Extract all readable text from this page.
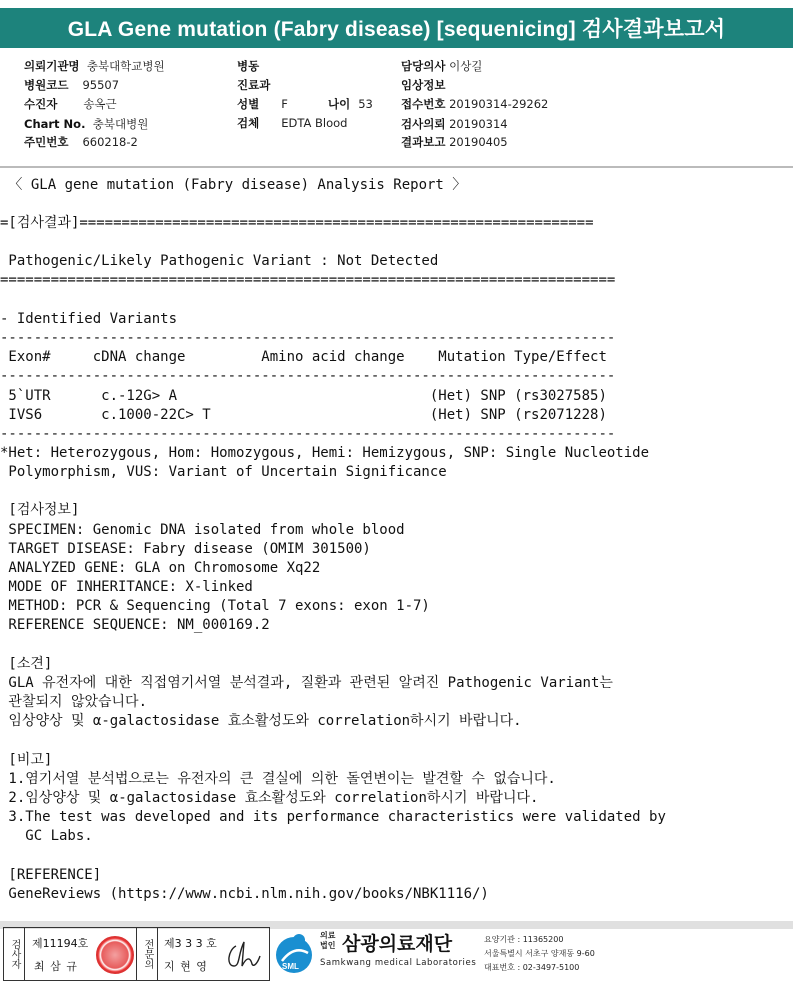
GLA Gene mutation (Fabry disease) [sequenicing] 검사결과보고서
의뢰기관명 충북대학교병원
병원코드 95507
수진자 송옥근
Chart No. 충북대병원
주민번호 660218-2
병동
진료과
성별 F	나이 53
검체 EDTA Blood
담당의사 이상길
임상정보
접수번호 20190314-29262
검사의뢰 20190314
결과보고 20190405
〈 GLA gene mutation (Fabry disease) Analysis Report 〉
=[검사결과]=============================================================
Pathogenic/Likely Pathogenic Variant : Not Detected
=========================================================================
- Identified Variants
-------------------------------------------------------------------------
Exon#     cDNA change         Amino acid change    Mutation Type/Effect
-------------------------------------------------------------------------
5`UTR      c.-12G> A                              (Het) SNP (rs3027585)
IVS6       c.1000-22C> T                          (Het) SNP (rs2071228)
-------------------------------------------------------------------------
*Het: Heterozygous, Hom: Homozygous, Hemi: Hemizygous, SNP: Single Nucleotide
Polymorphism, VUS: Variant of Uncertain Significance
[검사정보]
SPECIMEN: Genomic DNA isolated from whole blood
TARGET DISEASE: Fabry disease (OMIM 301500)
ANALYZED GENE: GLA on Chromosome Xq22
MODE OF INHERITANCE: X-linked
METHOD: PCR & Sequencing (Total 7 exons: exon 1-7)
REFERENCE SEQUENCE: NM_000169.2
[소견]
GLA 유전자에 대한 직접염기서열 분석결과, 질환과 관련된 알려진 Pathogenic Variant는
관찰되지 않았습니다.
임상양상 및 α-galactosidase 효소활성도와 correlation하시기 바랍니다.
[비고]
1.염기서열 분석법으로는 유전자의 큰 결실에 의한 돌연변이는 발견할 수 없습니다.
2.임상양상 및 α-galactosidase 효소활성도와 correlation하시기 바랍니다.
3.The test was developed and its performance characteristics were validated by
GC Labs.
[REFERENCE]
GeneReviews (https://www.ncbi.nlm.nih.gov/books/NBK1116/)
검사자	제11194호
최 삼 규	전문의	제3 3 3 호
지 현 영	SML
의료 법인 삼광의료재단
Samkwang medical Laboratories
요양기관 : 11365200
서울특별시 서초구 양재동 9-60
대표번호 : 02-3497-5100
